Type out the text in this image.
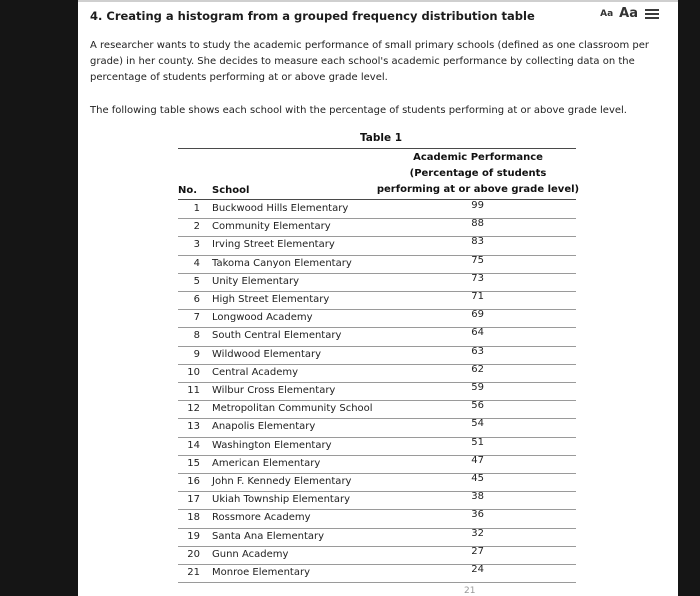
4. Creating a histogram from a grouped frequency distribution table	Aa Aa
A researcher wants to study the academic performance of small primary schools (defined as one classroom per
grade) in her county. She decides to measure each school's academic performance by collecting data on the
percentage of students performing at or above grade level.
The following table shows each school with the percentage of students performing at or above grade level.
Table 1
Academic Performance
(Percentage of students
performing at or above grade level)
No. School
1 Buckwood Hills Elementary	99
2 Community Elementary	88
3 Irving Street Elementary	83
4 Takoma Canyon Elementary	75
5 Unity Elementary	73
6 High Street Elementary	71
7 Longwood Academy	69
8 South Central Elementary	64
9 Wildwood Elementary	63
10 Central Academy	62
11 Wilbur Cross Elementary	59
12 Metropolitan Community School	56
13 Anapolis Elementary	54
14 Washington Elementary	51
15 American Elementary	47
16 John F. Kennedy Elementary	45
17 Ukiah Township Elementary	38
18 Rossmore Academy	36
19 Santa Ana Elementary	32
20 Gunn Academy	27
21 Monroe Elementary	24
21
